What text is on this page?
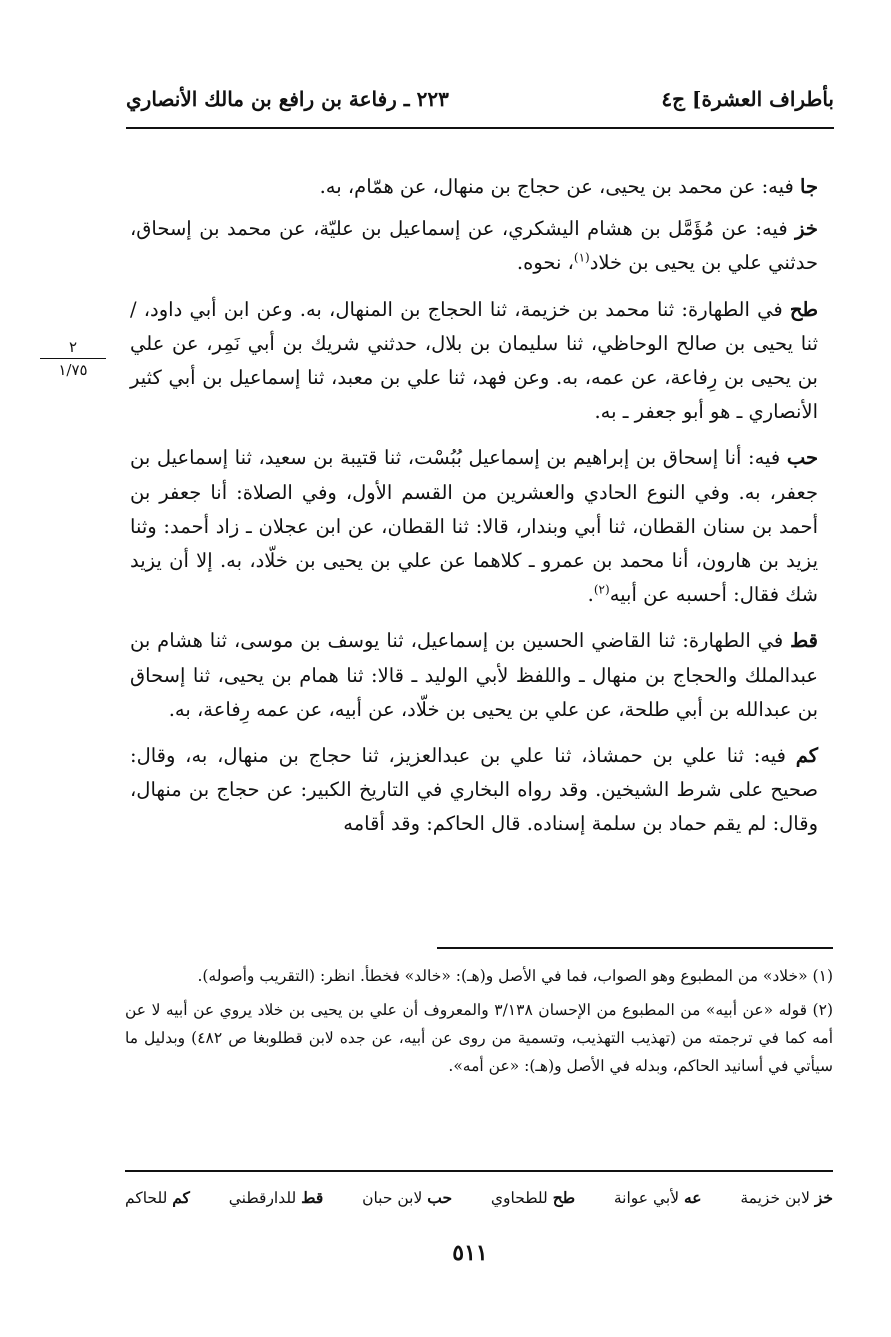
بأطراف العشرة] ج٤
٢٢٣ ـ رفاعة بن رافع بن مالك الأنصاري
٢
١/٧٥

جا فيه: عن محمد بن يحيى، عن حجاج بن منهال، عن همّام، به.

خز فيه: عن مُؤَمَّل بن هشام اليشكري، عن إسماعيل بن عليّة، عن محمد بن إسحاق، حدثني علي بن يحيى بن خلاد$^{(١)}$، نحوه.

طح في الطهارة: ثنا محمد بن خزيمة، ثنا الحجاج بن المنهال، به. وعن ابن أبي داود، / ثنا يحيى بن صالح الوحاظي، ثنا سليمان بن بلال، حدثني شريك بن أبي نَمِر، عن علي بن يحيى بن رِفاعة، عن عمه، به. وعن فهد، ثنا علي بن معبد، ثنا إسماعيل بن أبي كثير الأنصاري ـ هو أبو جعفر ـ به.

حب فيه: أنا إسحاق بن إبراهيم بن إسماعيل بُبُسْت، ثنا قتيبة بن سعيد، ثنا إسماعيل بن جعفر، به. وفي النوع الحادي والعشرين من القسم الأول، وفي الصلاة: أنا جعفر بن أحمد بن سنان القطان، ثنا أبي وبندار، قالا: ثنا القطان، عن ابن عجلان ـ زاد أحمد: وثنا يزيد بن هارون، أنا محمد بن عمرو ـ كلاهما عن علي بن يحيى بن خلّاد، به. إلا أن يزيد شك فقال: أحسبه عن أبيه$^{(٢)}$.

قط في الطهارة: ثنا القاضي الحسين بن إسماعيل، ثنا يوسف بن موسى، ثنا هشام بن عبدالملك والحجاج بن منهال ـ واللفظ لأبي الوليد ـ قالا: ثنا همام بن يحيى، ثنا إسحاق بن عبدالله بن أبي طلحة، عن علي بن يحيى بن خلّاد، عن أبيه، عن عمه رِفاعة، به.

كم فيه: ثنا علي بن حمشاذ، ثنا علي بن عبدالعزيز، ثنا حجاج بن منهال، به، وقال: صحيح على شرط الشيخين. وقد رواه البخاري في التاريخ الكبير: عن حجاج بن منهال، وقال: لم يقم حماد بن سلمة إسناده. قال الحاكم: وقد أقامه

(١) «خلاد» من المطبوع وهو الصواب، فما في الأصل و(هـ): «خالد» فخطأ. انظر: (التقريب وأصوله).

(٢) قوله «عن أبيه» من المطبوع من الإحسان ٣/١٣٨ والمعروف أن علي بن يحيى بن خلاد يروي عن أبيه لا عن أمه كما في ترجمته من (تهذيب التهذيب، وتسمية من روى عن أبيه، عن جده لابن قطلوبغا ص ٤٨٢) وبدليل ما سيأتي في أسانيد الحاكم، وبدله في الأصل و(هـ): «عن أمه».

خز لابن خزيمة
عه لأبي عوانة
طح للطحاوي
حب لابن حبان
قط للدارقطني
كم للحاكم
٥١١
